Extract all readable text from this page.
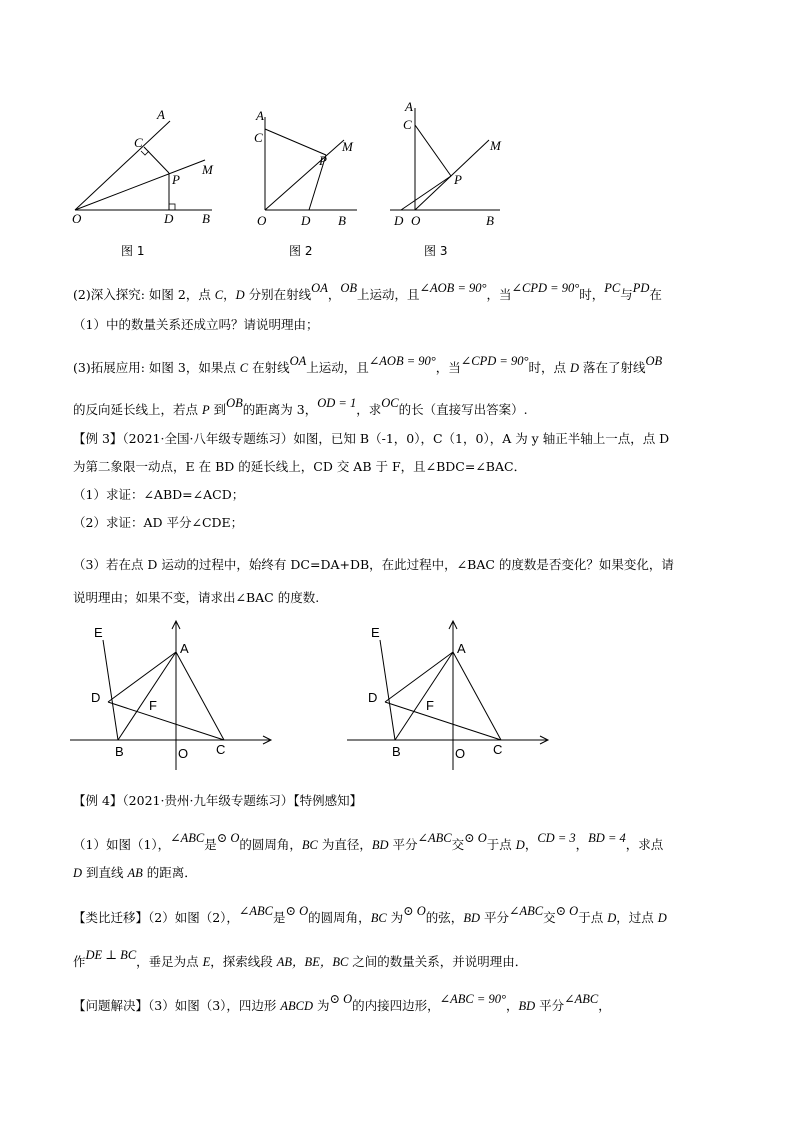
A
C
M
P
O	D B
图 1
A
C
M
P
O	D B
图 2
A
C
M
P
D O	B
图 3
(2)深入探究: 如图 2，点 C，D 分别在射线OA，OB上运动，且∠AOB = 90°，当∠CPD = 90°时，PC与PD在
（1）中的数量关系还成立吗？请说明理由；
(3)拓展应用: 如图 3，如果点 C 在射线OA上运动，且∠AOB = 90°，当∠CPD = 90°时，点 D 落在了射线OB
的反向延长线上，若点 P 到OB的距离为 3，OD = 1，求OC的长（直接写出答案）.
【例 3】（2021·全国·八年级专题练习）如图，已知 B（-1，0），C（1，0），A 为 y 轴正半轴上一点，点 D
为第二象限一动点，E 在 BD 的延长线上，CD 交 AB 于 F，且∠BDC=∠BAC．
（1）求证：∠ABD=∠ACD；
（2）求证：AD 平分∠CDE；
（3）若在点 D 运动的过程中，始终有 DC=DA+DB，在此过程中，∠BAC 的度数是否变化？如果变化，请
说明理由；如果不变，请求出∠BAC 的度数.
E
A
D
F
B	O C
E
A
D
F
B	O C
【例 4】（2021·贵州·九年级专题练习）【特例感知】
（1）如图（1），∠ABC是⊙ O的圆周角，BC 为直径，BD 平分∠ABC交⊙ O于点 D，CD = 3，BD = 4，求点
D 到直线 AB 的距离．
【类比迁移】（2）如图（2），∠ABC是⊙ O的圆周角，BC 为⊙ O的弦，BD 平分∠ABC交⊙ O于点 D，过点 D
作DE ⊥ BC，垂足为点 E，探索线段 AB，BE，BC 之间的数量关系，并说明理由．
【问题解决】（3）如图（3），四边形 ABCD 为⊙ O的内接四边形，∠ABC = 90°，BD 平分∠ABC，
